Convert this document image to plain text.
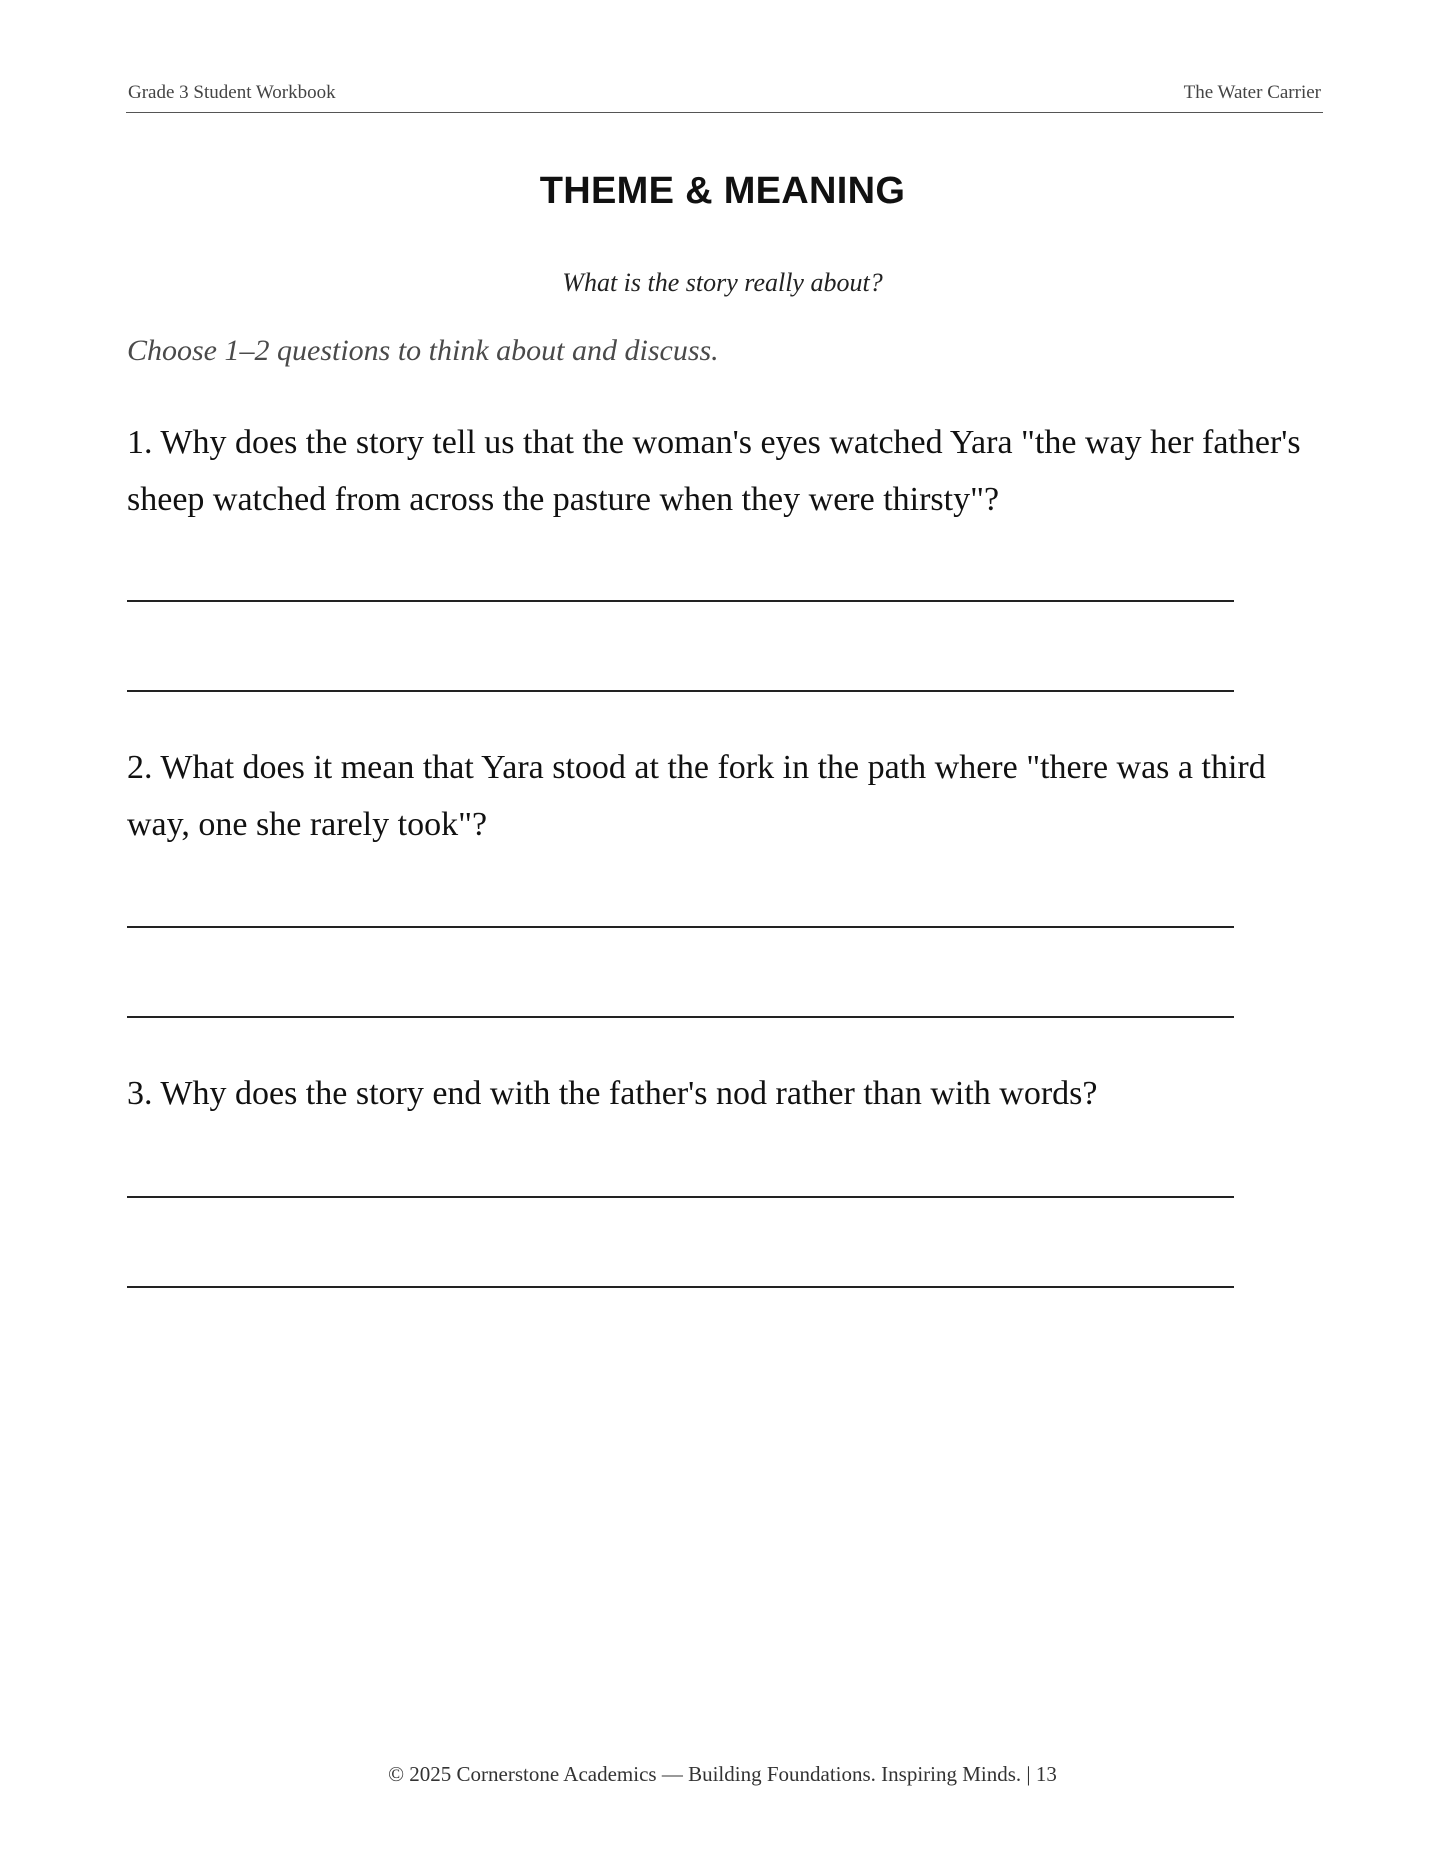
Grade 3 Student Workbook	The Water Carrier
THEME & MEANING
What is the story really about?
Choose 1–2 questions to think about and discuss.
1. Why does the story tell us that the woman's eyes watched Yara "the way her father's sheep watched from across the pasture when they were thirsty"?
2. What does it mean that Yara stood at the fork in the path where "there was a third way, one she rarely took"?
3. Why does the story end with the father's nod rather than with words?
© 2025 Cornerstone Academics — Building Foundations. Inspiring Minds. | 13
